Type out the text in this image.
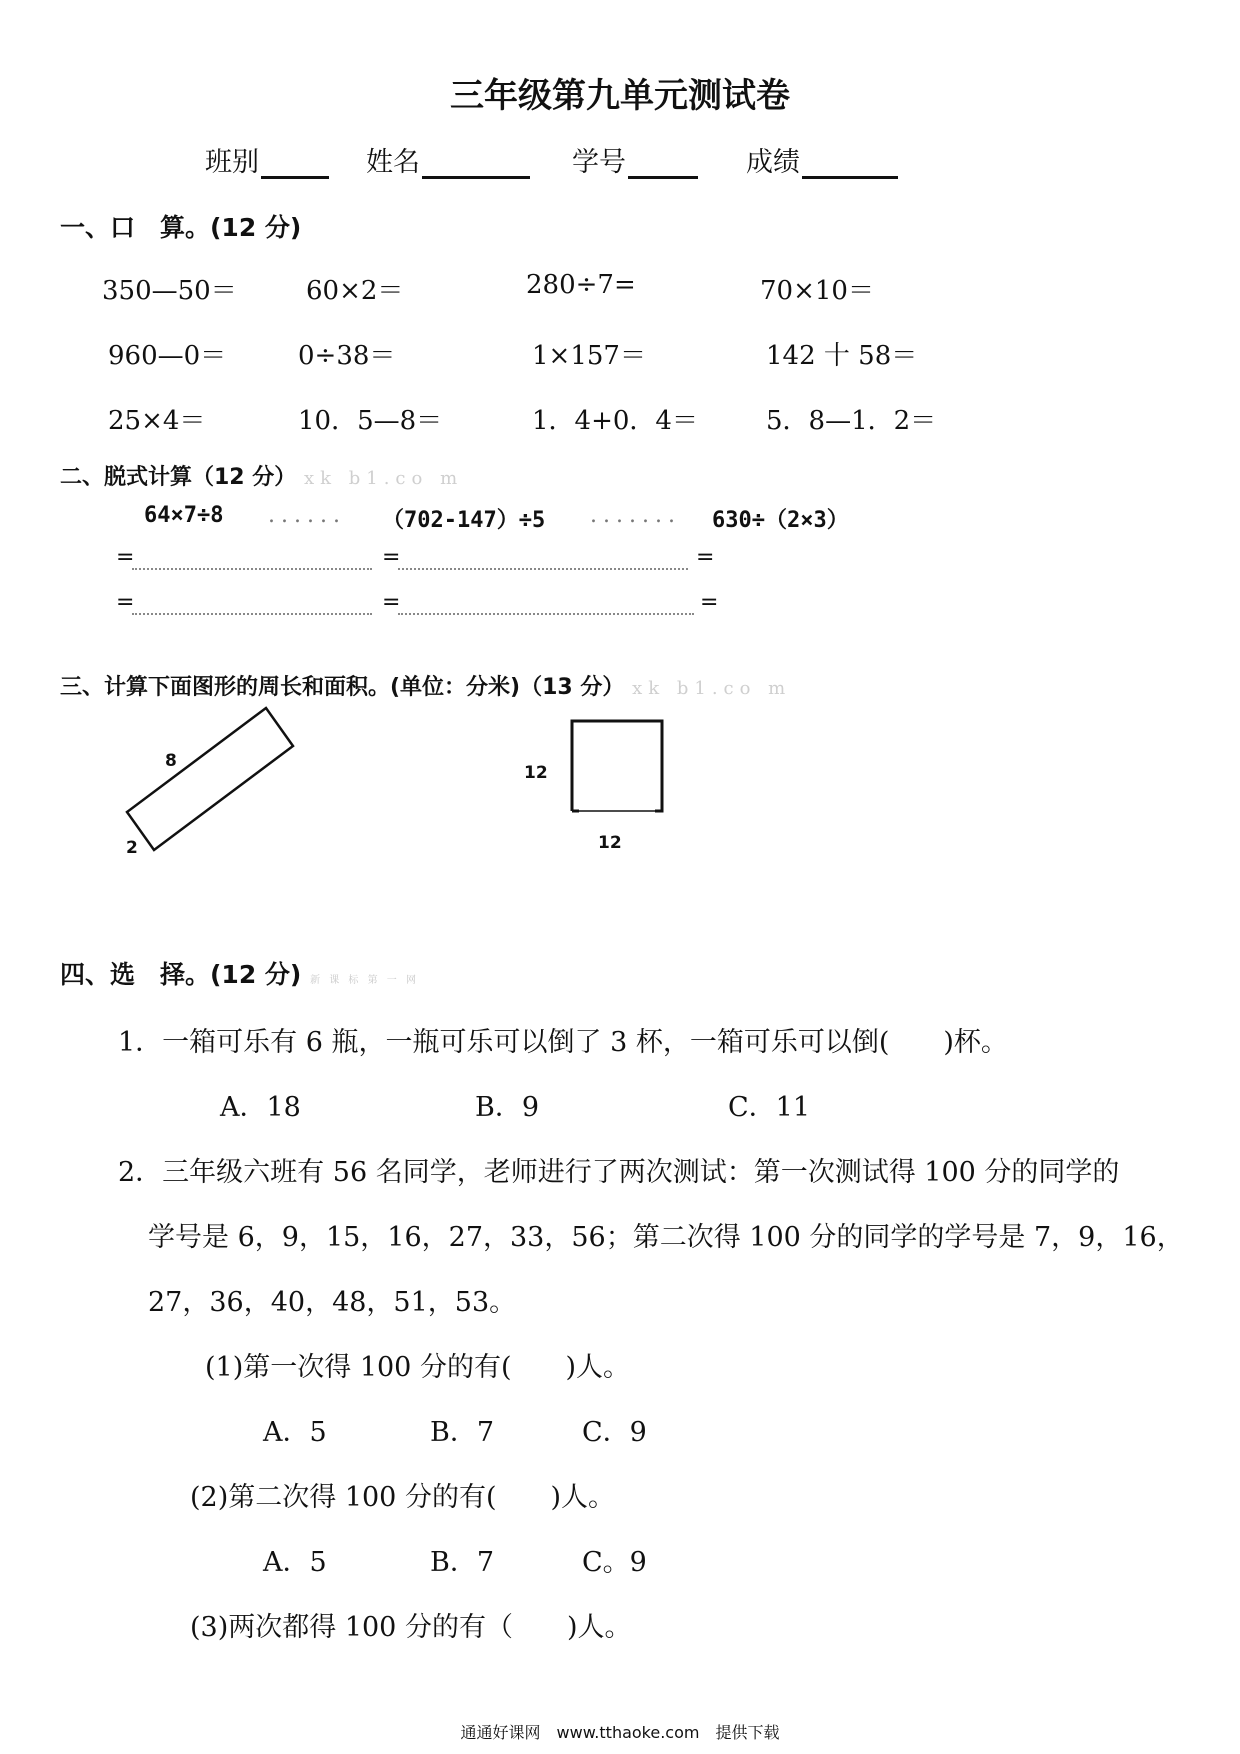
三年级第九单元测试卷
班别	姓名	学号	成绩
一、口　算。(12 分)
350—50＝	60×2＝	280÷7=	70×10＝
960—0＝	0÷38＝	1×157＝	142 十 58＝
25×4＝	10．5—8＝	1．4+0．4＝	5．8—1．2＝
二、脱式计算（12 分） xk b1.co m
64×7÷8 ...... （702-147）÷5 ....... 630÷（2×3）
=	=	=
=	=	=
三、计算下面图形的周长和面积。(单位：分米)（13 分） xk b1.co m
8
2
12
12
四、选　择。(12 分) 新 课 标 第 一 网
1．一箱可乐有 6 瓶，一瓶可乐可以倒了 3 杯，一箱可乐可以倒(　　)杯。
A．18	B．9	C．11
2．三年级六班有 56 名同学，老师进行了两次测试：第一次测试得 100 分的同学的
学号是 6，9，15，16，27，33，56；第二次得 100 分的同学的学号是 7，9，16，
27，36，40，48，51，53。
(1)第一次得 100 分的有(　　)人。
A．5	B．7	C．9
(2)第二次得 100 分的有(　　)人。
A．5	B．7	C。9
(3)两次都得 100 分的有（　　)人。
通通好课网　www.tthaoke.com　提供下载
